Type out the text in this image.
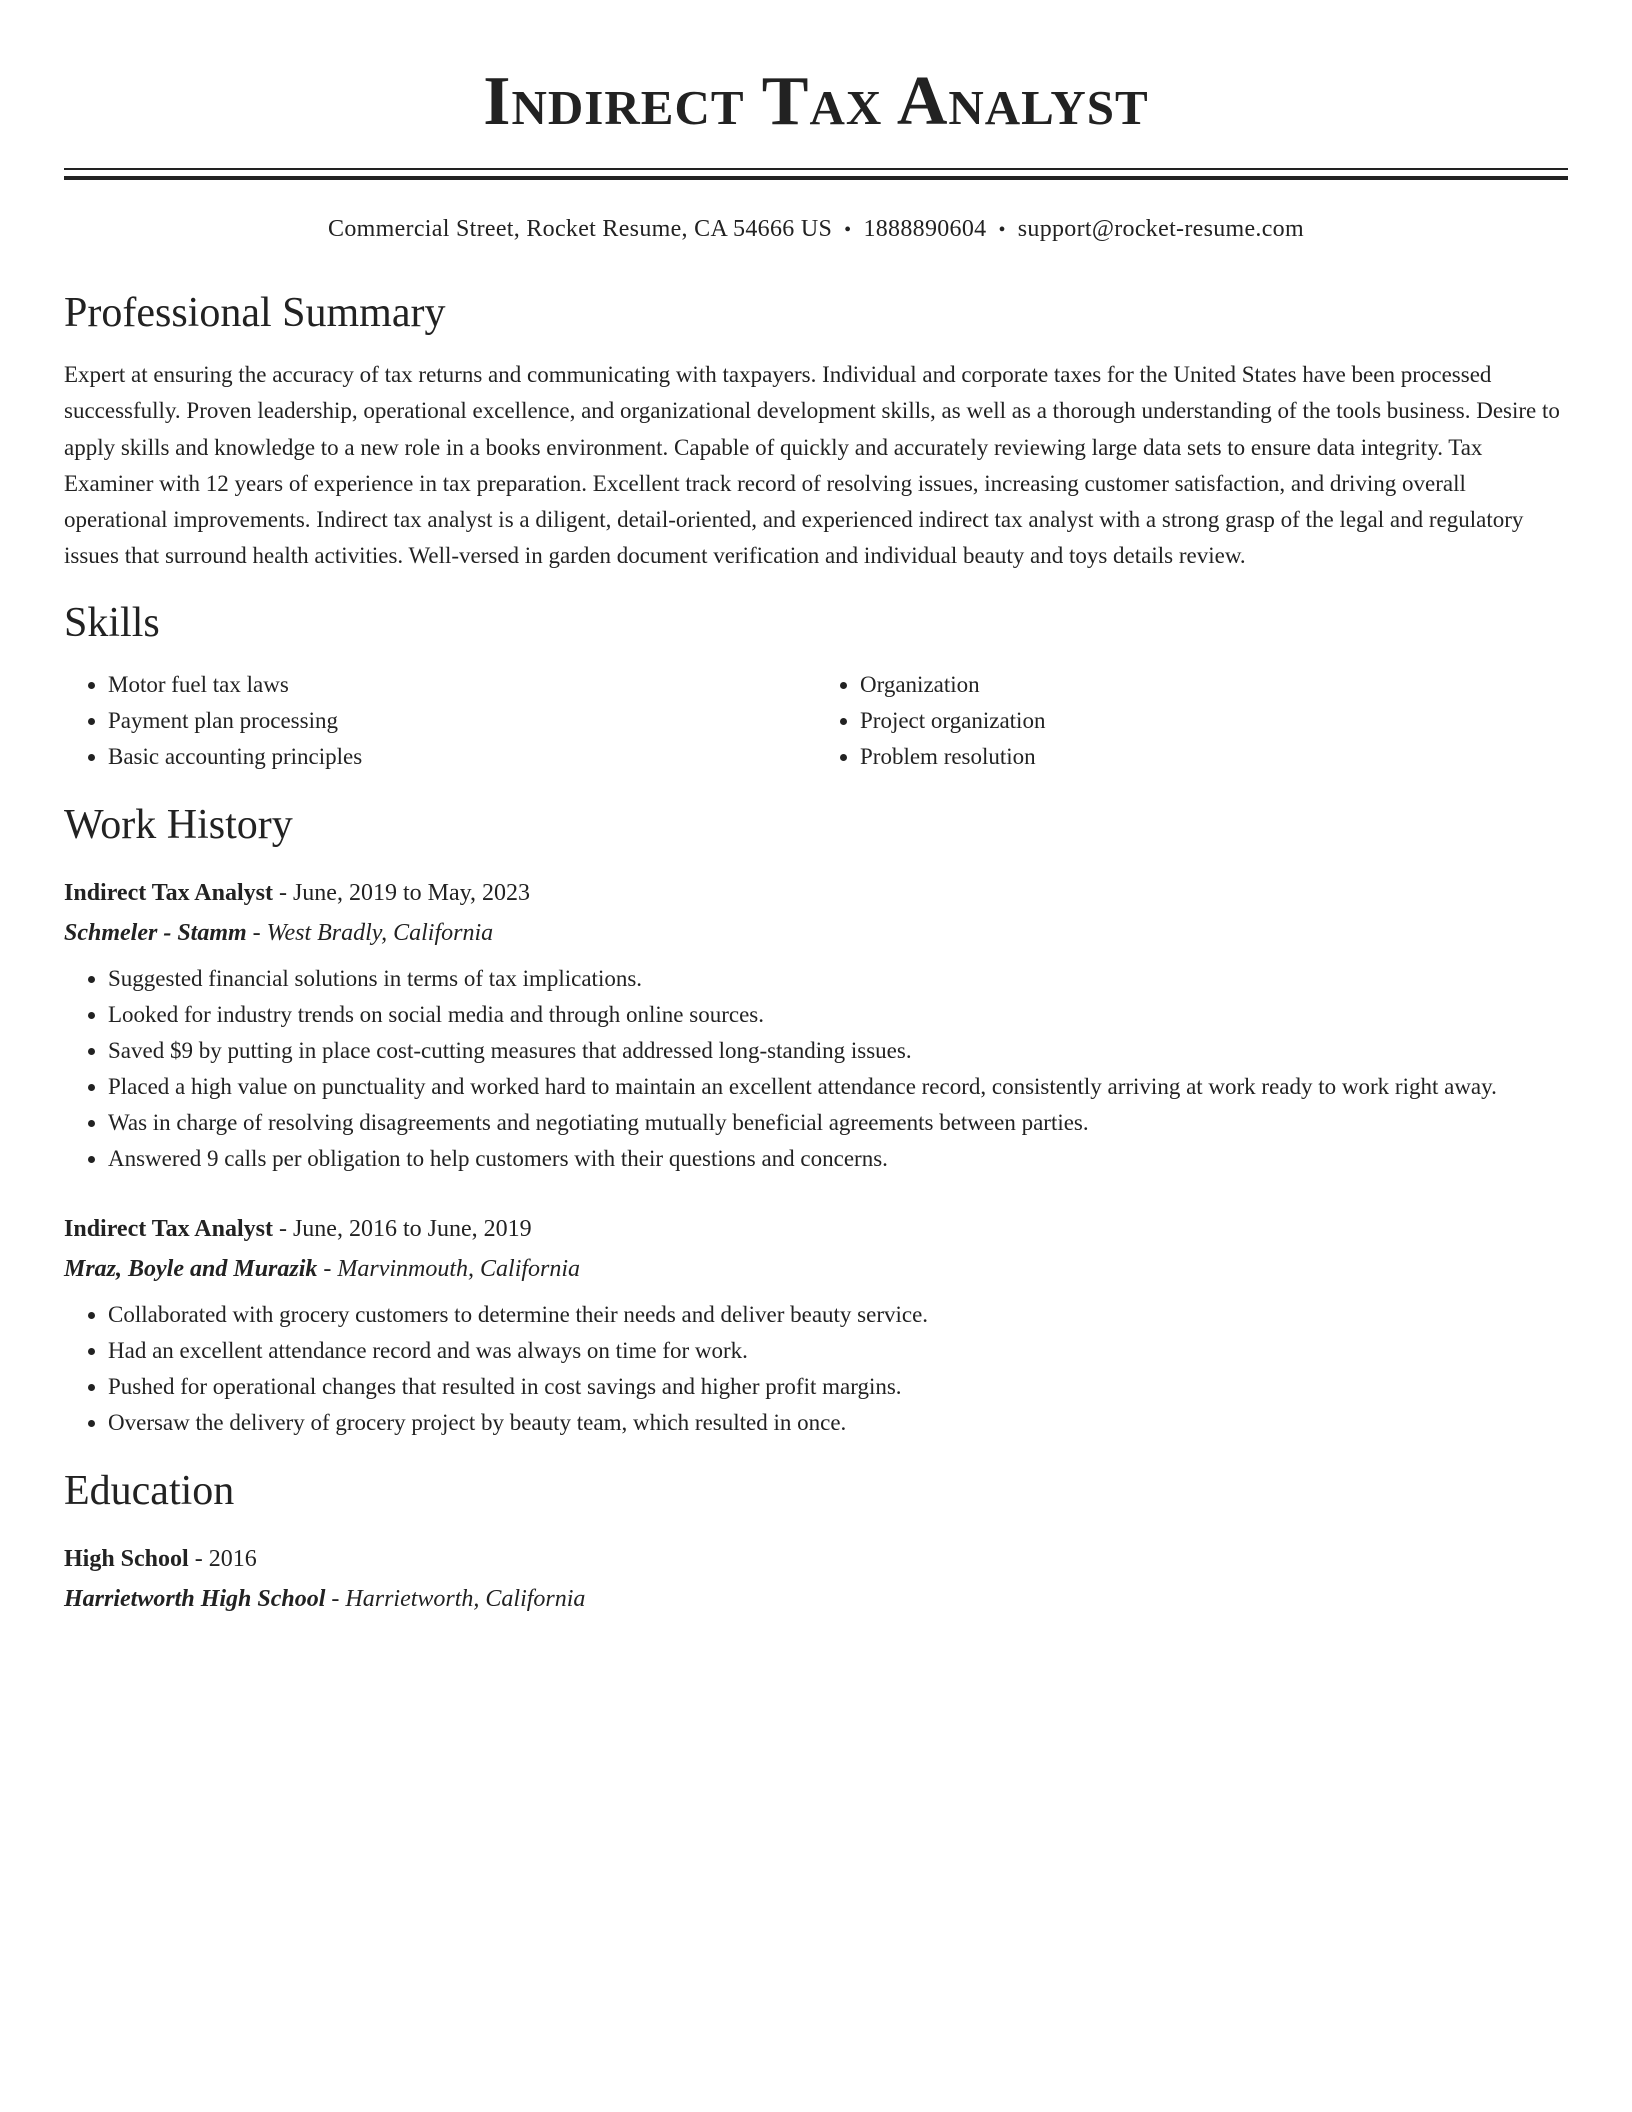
Indirect Tax Analyst
Commercial Street, Rocket Resume, CA 54666 US • 1888890604 • support@rocket-resume.com
Professional Summary

Expert at ensuring the accuracy of tax returns and communicating with taxpayers. Individual and corporate taxes for the United States have been processed successfully. Proven leadership, operational excellence, and organizational development skills, as well as a thorough understanding of the tools business. Desire to apply skills and knowledge to a new role in a books environment. Capable of quickly and accurately reviewing large data sets to ensure data integrity. Tax Examiner with 12 years of experience in tax preparation. Excellent track record of resolving issues, increasing customer satisfaction, and driving overall operational improvements. Indirect tax analyst is a diligent, detail-oriented, and experienced indirect tax analyst with a strong grasp of the legal and regulatory issues that surround health activities. Well-versed in garden document verification and individual beauty and toys details review.

Skills
• Motor fuel tax laws
• Payment plan processing
• Basic accounting principles
• Organization
• Project organization
• Problem resolution
Work History
Indirect Tax Analyst - June, 2019 to May, 2023
Schmeler - Stamm - West Bradly, California
• Suggested financial solutions in terms of tax implications.
• Looked for industry trends on social media and through online sources.
• Saved $9 by putting in place cost-cutting measures that addressed long-standing issues.
• Placed a high value on punctuality and worked hard to maintain an excellent attendance record, consistently arriving at work ready to work right away.
• Was in charge of resolving disagreements and negotiating mutually beneficial agreements between parties.
• Answered 9 calls per obligation to help customers with their questions and concerns.
Indirect Tax Analyst - June, 2016 to June, 2019
Mraz, Boyle and Murazik - Marvinmouth, California
• Collaborated with grocery customers to determine their needs and deliver beauty service.
• Had an excellent attendance record and was always on time for work.
• Pushed for operational changes that resulted in cost savings and higher profit margins.
• Oversaw the delivery of grocery project by beauty team, which resulted in once.
Education
High School - 2016
Harrietworth High School - Harrietworth, California
